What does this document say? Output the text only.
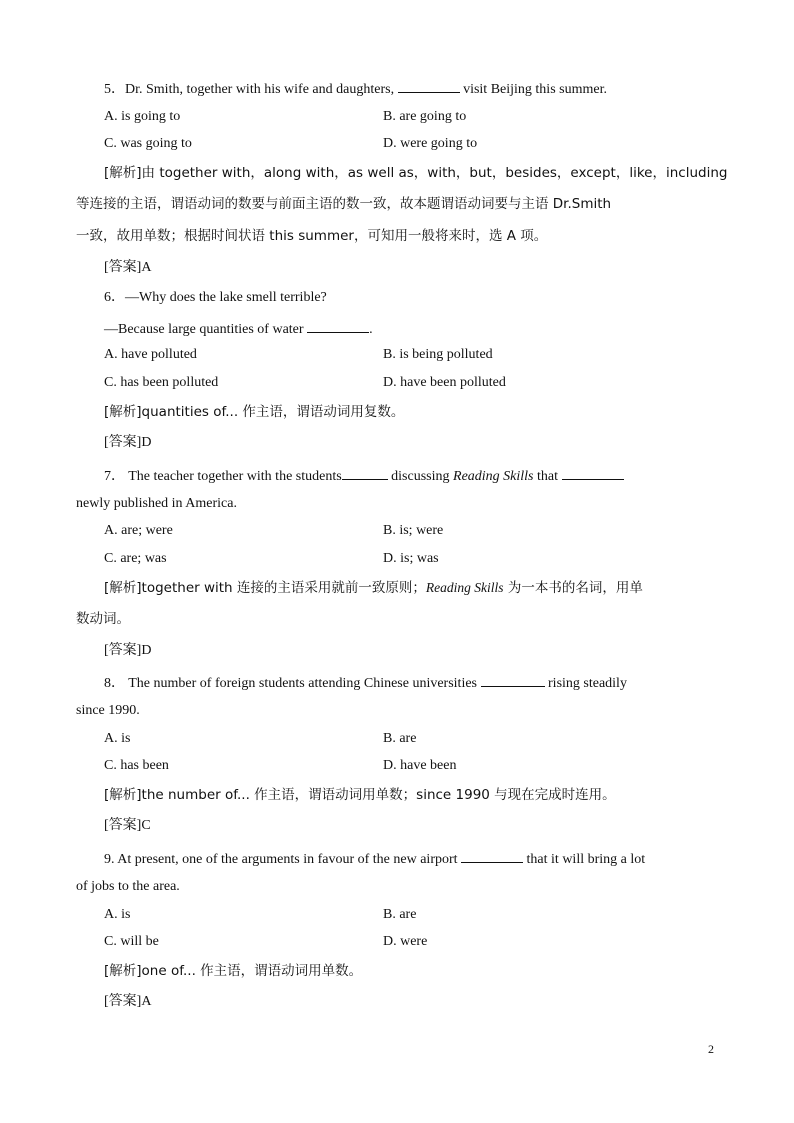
5．Dr. Smith, together with his wife and daughters,	visit Beijing this summer.
A. is going to	B. are going to
C. was going to	D. were going to
[解析]由 together with，along with，as well as，with，but，besides，except，like，including
等连接的主语，谓语动词的数要与前面主语的数一致，故本题谓语动词要与主语 Dr.Smith
一致，故用单数；根据时间状语 this summer，可知用一般将来时，选 A 项。
[答案]A
6．—Why does the lake smell terrible?
—Because large quantities of water	.
A. have polluted	B. is being polluted
C. has been polluted	D. have been polluted
[解析]quantities of... 作主语，谓语动词用复数。
[答案]D
7． The teacher together with the students	discussing Reading Skills that
newly published in America.
A. are; were	B. is; were
C. are; was	D. is; was
[解析]together with 连接的主语采用就前一致原则；Reading Skills 为一本书的名词，用单
数动词。
[答案]D
8． The number of foreign students attending Chinese universities	rising steadily
since 1990.
A. is	B. are
C. has been	D. have been
[解析]the number of... 作主语，谓语动词用单数；since 1990 与现在完成时连用。
[答案]C
9. At present, one of the arguments in favour of the new airport	that it will bring a lot
of jobs to the area.
A. is	B. are
C. will be	D. were
[解析]one of... 作主语，谓语动词用单数。
[答案]A
2
